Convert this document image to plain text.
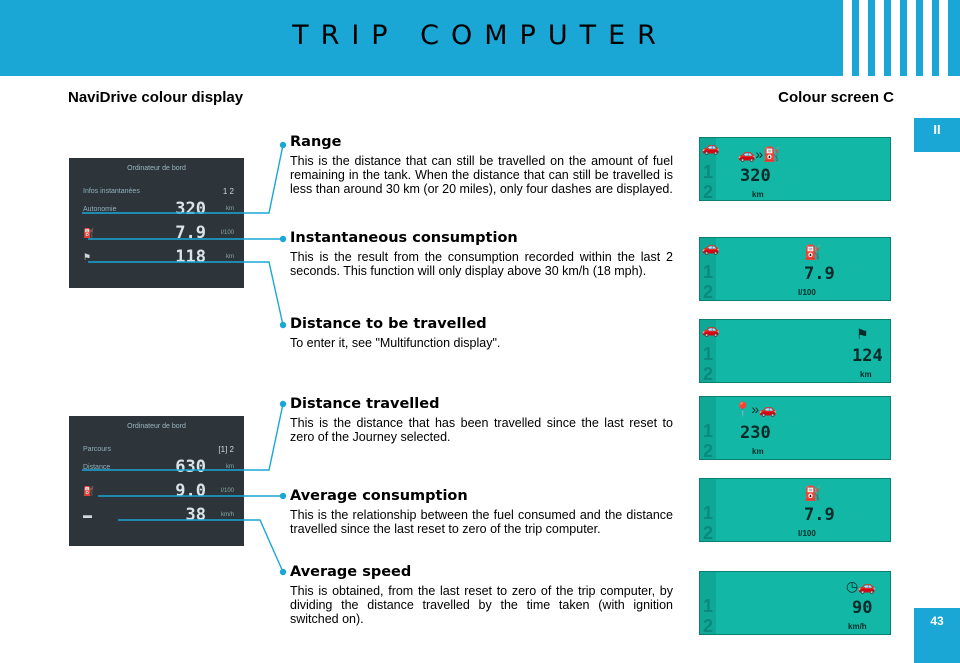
TRIP COMPUTER
II
43
NaviDrive colour display	Colour screen C
Ordinateur de bord
Infos instantanées	1 2
Autonomie	320	km
⛽	7.9	l/100
⚑	118	km
Ordinateur de bord
Parcours	[1] 2
Distance	630	km
⛽	9.0	l/100
▬	38	km/h
Range

This is the distance that can still be travelled on the amount of fuel remaining in the tank. When the distance that can still be travelled is less than around 30 km (or 20 miles), only four dashes are displayed.

Instantaneous consumption

This is the result from the consumption recorded within the last 2 seconds. This function will only display above 30 km/h (18 mph).

Distance to be travelled

To enter it, see "Multifunction display".

Distance travelled

This is the distance that has been travelled since the last reset to zero of the Journey selected.

Average consumption

This is the relationship between the fuel consumed and the distance travelled since the last reset to zero of the trip computer.

Average speed

This is obtained, from the last reset to zero of the trip computer, by dividing the distance travelled by the time taken (with ignition switched on).

🚗
1
2
🚗»⛽
320
km
🚗
1
2
⛽
7.9
l/100
🚗
1
2
⚑
124
km
1
2
📍»🚗
230
km
1
2
⛽
7.9
l/100
1
2
◷🚗
90
km/h
